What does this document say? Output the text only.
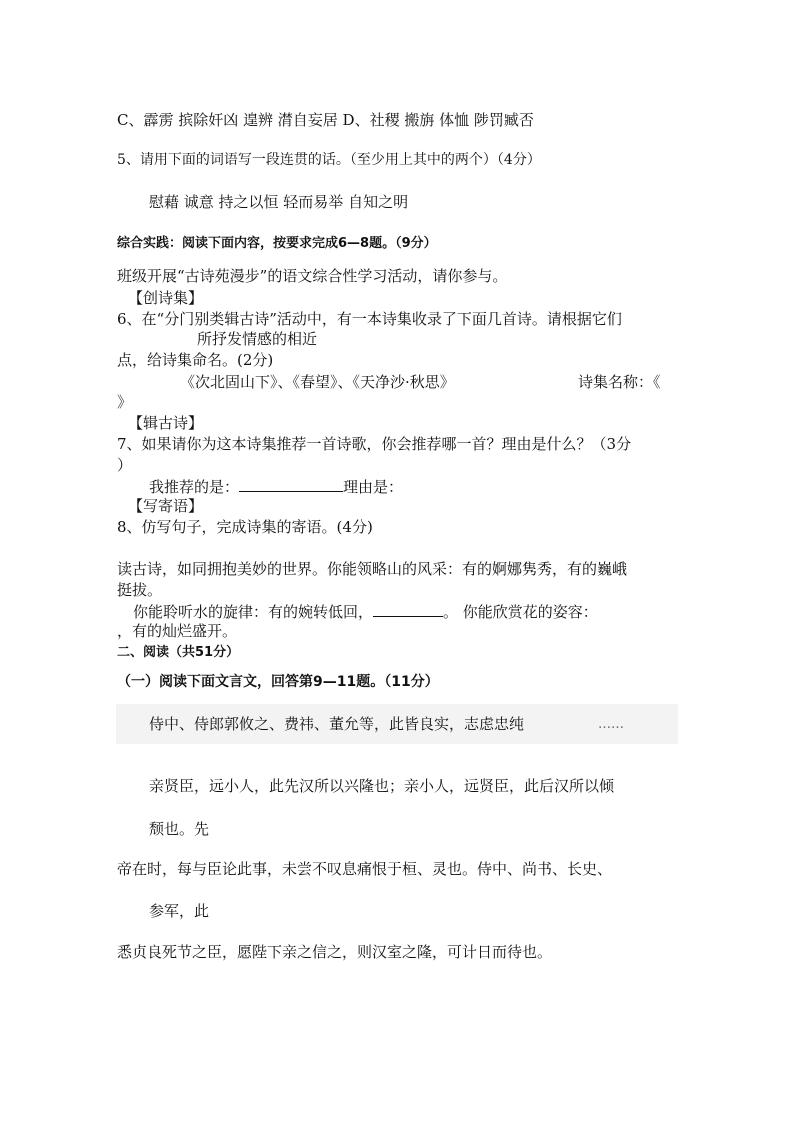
C、霹雳 摈除奸凶 遑辨 潸自妄居 D、社稷 搬旃 体恤 陟罚臧否
5、请用下面的词语写一段连贯的话。（至少用上其中的两个）（4分）
慰藉 诚意 持之以恒 轻而易举 自知之明
综合实践：阅读下面内容，按要求完成6—8题。（9分）
班级开展“古诗苑漫步”的语文综合性学习活动，请你参与。
【创诗集】
6、在“分门别类辑古诗”活动中，有一本诗集收录了下面几首诗。请根据它们
所抒发情感的相近
点，给诗集命名。(2分)
《次北固山下》、《春望》、《天净沙·秋思》	诗集名称：《
》
【辑古诗】
7、如果请你为这本诗集推荐一首诗歌，你会推荐哪一首？理由是什么？（3分
）
我推荐的是：	理由是：
【写寄语】
8、仿写句子，完成诗集的寄语。(4分)
读古诗，如同拥抱美妙的世界。你能领略山的风采：有的婀娜隽秀，有的巍峨
挺拔。
你能聆听水的旋律：有的婉转低回，	。 你能欣赏花的姿容：
，有的灿烂盛开。
二、阅读（共51分）
（一）阅读下面文言文，回答第9—11题。（11分）
侍中、侍郎郭攸之、费祎、董允等，此皆良实，志虑忠纯	……
亲贤臣，远小人，此先汉所以兴隆也；亲小人，远贤臣，此后汉所以倾
颓也。先
帝在时，每与臣论此事，未尝不叹息痛恨于桓、灵也。侍中、尚书、长史、
参军，此
悉贞良死节之臣，愿陛下亲之信之，则汉室之隆，可计日而待也。
